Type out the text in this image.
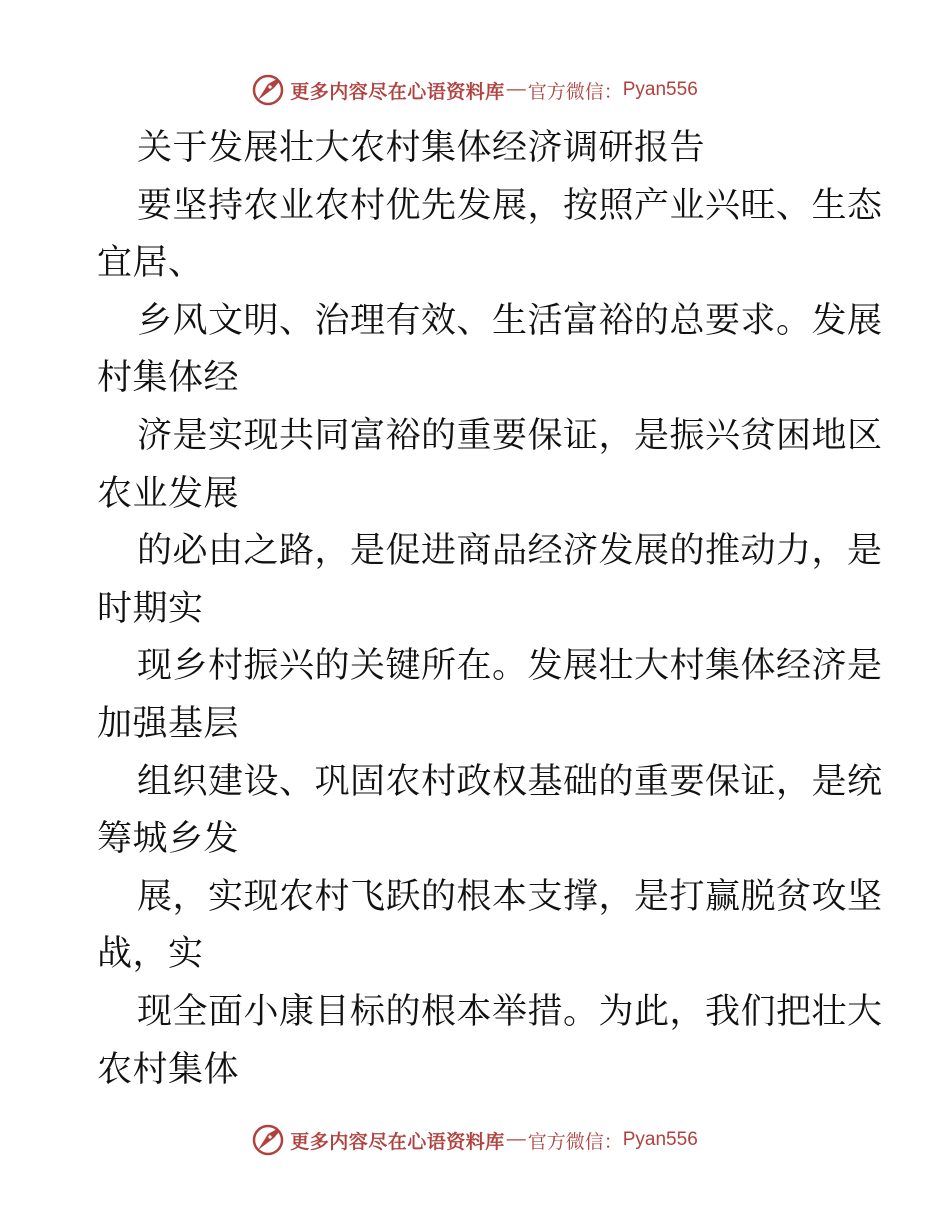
更多内容尽在心语资料库 — 官方微信： Pyan556
关于发展壮大农村集体经济调研报告
要坚持农业农村优先发展，按照产业兴旺、生态
宜居、
乡风文明、治理有效、生活富裕的总要求。发展
村集体经
济是实现共同富裕的重要保证，是振兴贫困地区
农业发展
的必由之路，是促进商品经济发展的推动力，是
时期实
现乡村振兴的关键所在。发展壮大村集体经济是
加强基层
组织建设、巩固农村政权基础的重要保证，是统
筹城乡发
展，实现农村飞跃的根本支撑，是打赢脱贫攻坚
战，实
现全面小康目标的根本举措。为此，我们把壮大
农村集体
更多内容尽在心语资料库 — 官方微信： Pyan556
